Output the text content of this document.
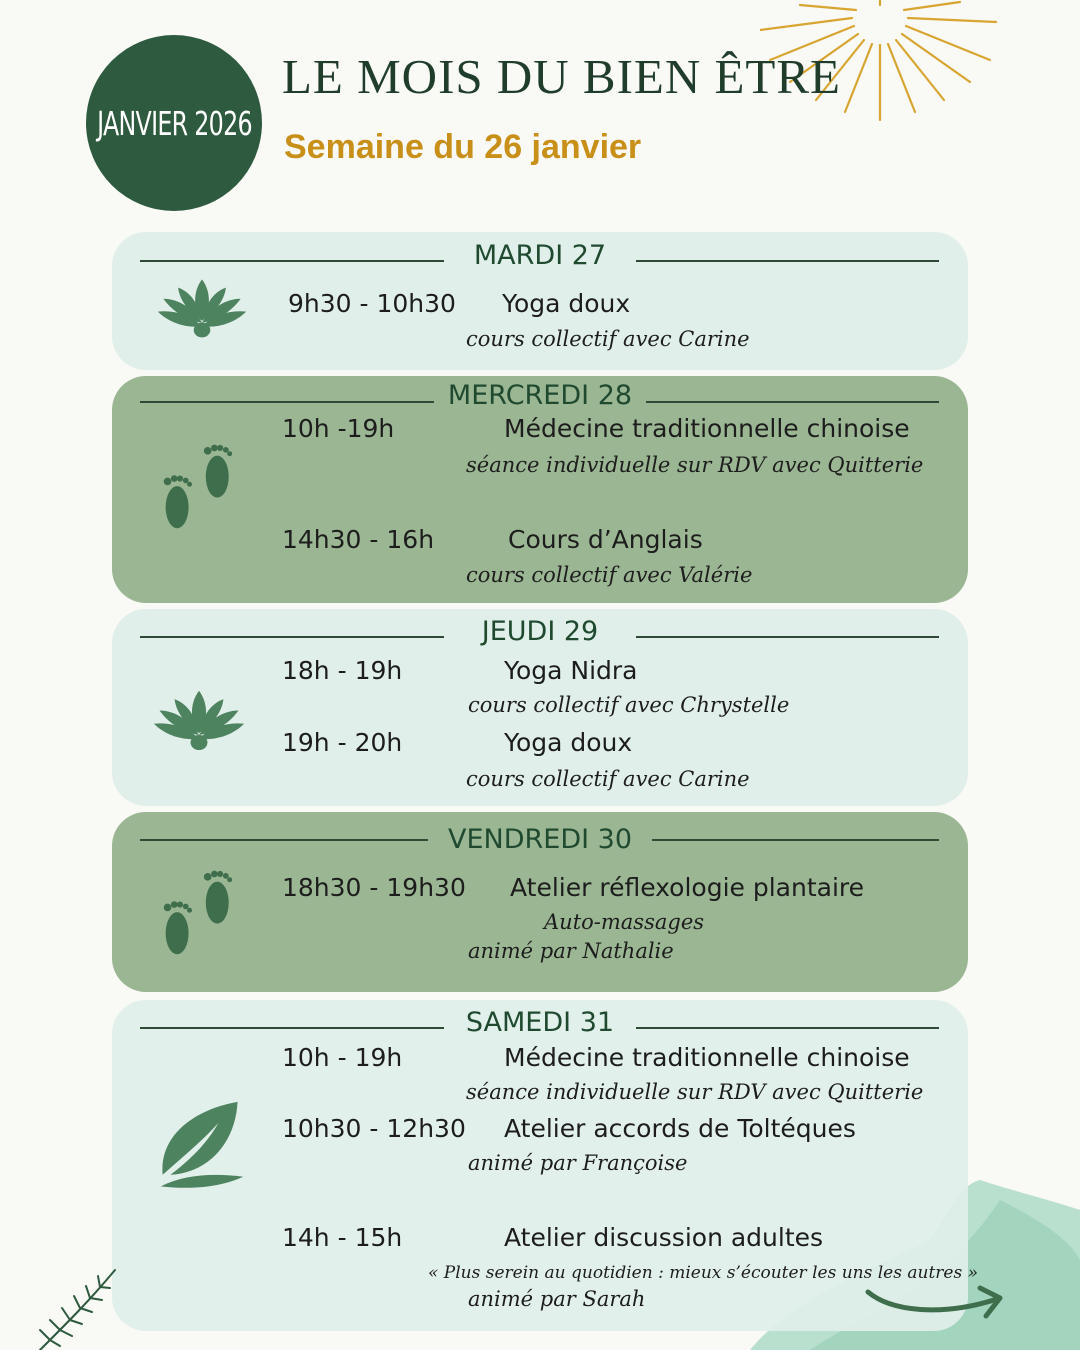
JANVIER 2026
LE MOIS DU BIEN ÊTRE
Semaine du 26 janvier
MARDI 27
9h30 - 10h30 Yoga doux
cours collectif avec Carine
MERCREDI 28
10h -19h	Médecine traditionnelle chinoise
séance individuelle sur RDV avec Quitterie
14h30 - 16h	Cours d’Anglais
cours collectif avec Valérie
JEUDI 29
18h - 19h	Yoga Nidra
cours collectif avec Chrystelle
19h - 20h	Yoga doux
cours collectif avec Carine
VENDREDI 30
18h30 - 19h30 Atelier réflexologie plantaire
Auto-massages
animé par Nathalie
SAMEDI 31
10h - 19h	Médecine traditionnelle chinoise
séance individuelle sur RDV avec Quitterie
10h30 - 12h30 Atelier accords de Toltéques
animé par Françoise
14h - 15h	Atelier discussion adultes
« Plus serein au quotidien : mieux s’écouter les uns les autres »
animé par Sarah
